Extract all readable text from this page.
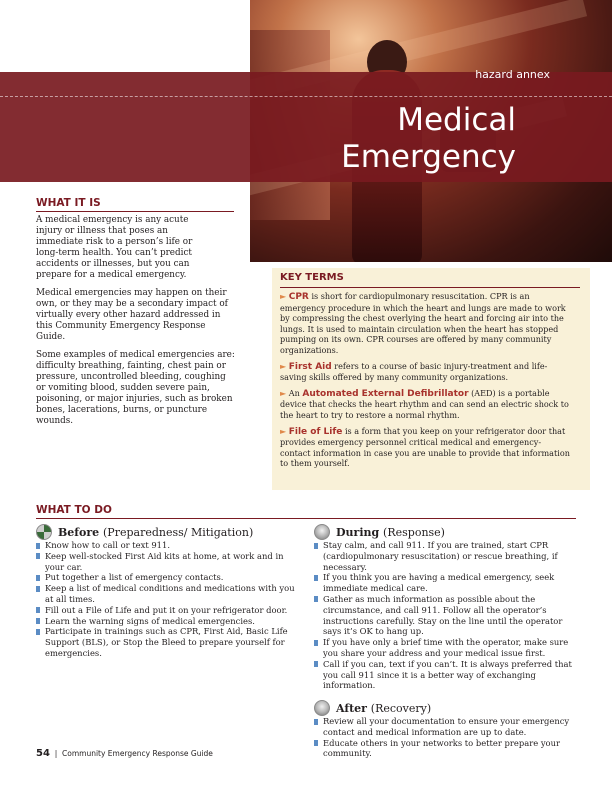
hazard annex
Medical
Emergency
WHAT IT IS

A medical emergency is any acute injury or illness that poses an immediate risk to a person’s life or long-term health. You can’t predict accidents or illnesses, but you can prepare for a medical emergency.

Medical emergencies may happen on their own, or they may be a secondary impact of virtually every other hazard addressed in this Community Emergency Response Guide.

Some examples of medical emergencies are: difficulty breathing, fainting, chest pain or pressure, uncontrolled bleeding, coughing or vomiting blood, sudden severe pain, poisoning, or major injuries, such as broken bones, lacerations, burns, or puncture wounds.

KEY TERMS
► CPR is short for cardiopulmonary resuscitation. CPR is an emergency procedure in which the heart and lungs are made to work by compressing the chest overlying the heart and forcing air into the lungs. It is used to maintain circulation when the heart has stopped pumping on its own. CPR courses are offered by many community organizations.
► First Aid refers to a course of basic injury-treatment and life-saving skills offered by many community organizations.
► An Automated External Defibrillator (AED) is a portable device that checks the heart rhythm and can send an electric shock to the heart to try to restore a normal rhythm.
► File of Life is a form that you keep on your refrigerator door that provides emergency personnel critical medical and emergency-contact information in case you are unable to provide that information to them yourself.
WHAT TO DO
Before
(Preparedness/ Mitigation)
Know how to call or text 911.
Keep well-stocked First Aid kits at home, at work and in your car.
Put together a list of emergency contacts.
Keep a list of medical conditions and medications with you at all times.
Fill out a File of Life and put it on your refrigerator door.
Learn the warning signs of medical emergencies.
Participate in trainings such as CPR, First Aid, Basic Life Support (BLS), or Stop the Bleed to prepare yourself for emergencies.
During
(Response)
Stay calm, and call 911. If you are trained, start CPR (cardiopulmonary resuscitation) or rescue breathing, if necessary.
If you think you are having a medical emergency, seek immediate medical care.
Gather as much information as possible about the circumstance, and call 911. Follow all the operator’s instructions carefully. Stay on the line until the operator says it’s OK to hang up.
If you have only a brief time with the operator, make sure you share your address and your medical issue first.
Call if you can, text if you can’t. It is always preferred that you call 911 since it is a better way of exchanging information.
After
(Recovery)
Review all your documentation to ensure your emergency contact and medical information are up to date.
Educate others in your networks to better prepare your community.
54 | Community Emergency Response Guide
